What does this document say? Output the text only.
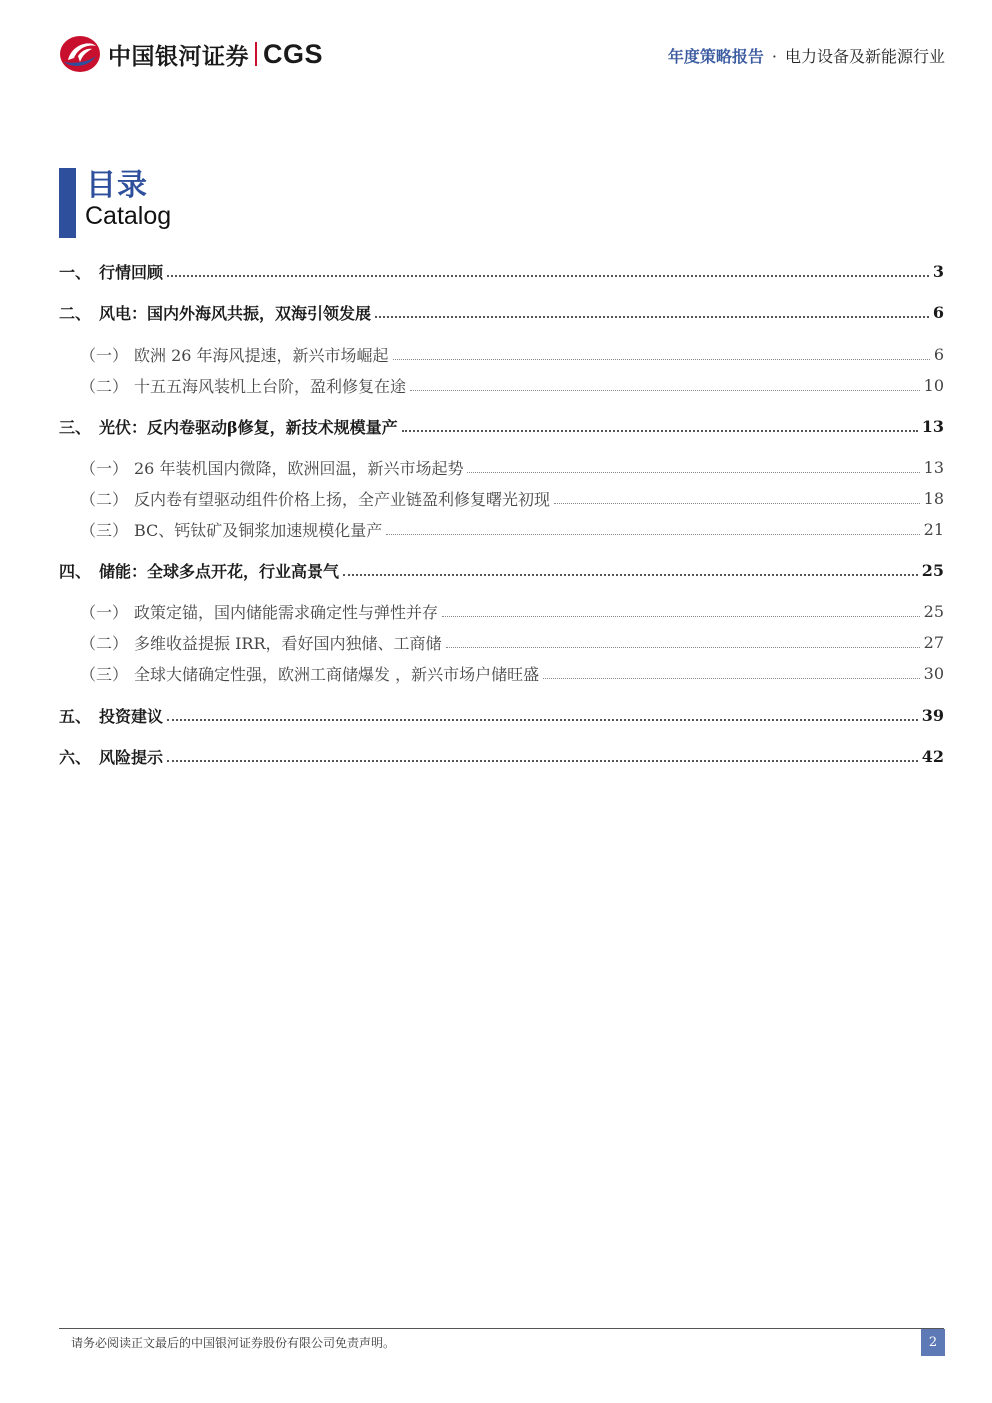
中国银河证券 CGS	年度策略报告 · 电力设备及新能源行业
目录
Catalog
一、 行情回顾	3
二、 风电：国内外海风共振，双海引领发展	6
（一） 欧洲 26 年海风提速，新兴市场崛起	6
（二） 十五五海风装机上台阶，盈利修复在途	10
三、 光伏：反内卷驱动β修复，新技术规模量产	13
（一） 26 年装机国内微降，欧洲回温，新兴市场起势	13
（二） 反内卷有望驱动组件价格上扬，全产业链盈利修复曙光初现	18
（三） BC、钙钛矿及铜浆加速规模化量产	21
四、 储能：全球多点开花，行业高景气	25
（一） 政策定锚，国内储能需求确定性与弹性并存	25
（二） 多维收益提振 IRR，看好国内独储、工商储	27
（三） 全球大储确定性强，欧洲工商储爆发 ，新兴市场户储旺盛	30
五、 投资建议	39
六、 风险提示	42
请务必阅读正文最后的中国银河证券股份有限公司免责声明。	2
